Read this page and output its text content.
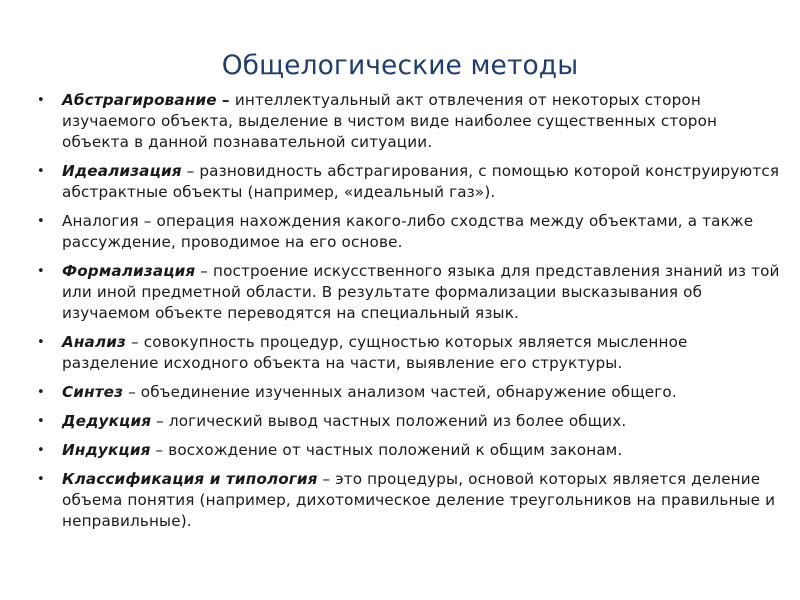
Общелогические методы
• Абстрагирование – интеллектуальный акт отвлечения от некоторых сторон изучаемого объекта, выделение в чистом виде наиболее существенных сторон объекта в данной познавательной ситуации.
• Идеализация – разновидность абстрагирования, с помощью которой конструируются абстрактные объекты (например, «идеальный газ»).
• Аналогия – операция нахождения какого-либо сходства между объектами, а также рассуждение, проводимое на его основе.
• Формализация – построение искусственного языка для представления знаний из той или иной предметной области. В результате формализации высказывания об изучаемом объекте переводятся на специальный язык.
• Анализ – совокупность процедур, сущностью которых является мысленное разделение исходного объекта на части, выявление его структуры.
• Синтез – объединение изученных анализом частей, обнаружение общего.
• Дедукция – логический вывод частных положений из более общих.
• Индукция – восхождение от частных положений к общим законам.
• Классификация и типология – это процедуры, основой которых является деление объема понятия (например, дихотомическое деление треугольников на правильные и неправильные).
